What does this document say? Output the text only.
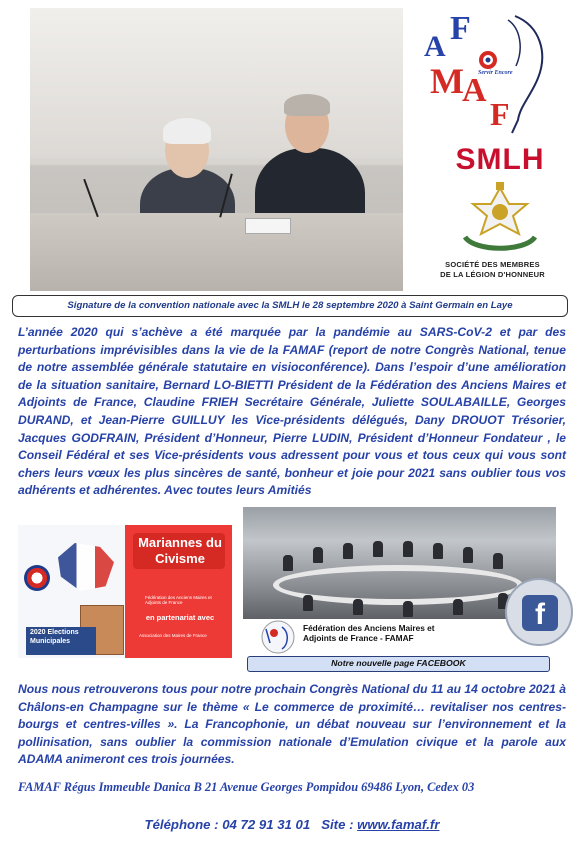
F
A
M
A
F
Servir Encore
SMLH
SOCIÉTÉ DES MEMBRES
DE LA LÉGION D'HONNEUR
Signature de la convention nationale avec la SMLH le 28 septembre 2020 à Saint Germain en Laye
L’année 2020 qui s’achève a été marquée par la pandémie au SARS-CoV-2 et par des perturbations imprévisibles dans la vie de la FAMAF (report de notre Congrès National, tenue de notre assemblée générale statutaire en visioconférence). Dans l’espoir d’une amélioration de la situation sanitaire, Bernard LO-BIETTI Président de la Fédération des Anciens Maires et Adjoints de France, Claudine FRIEH Secrétaire Générale, Juliette SOULABAILLE, Georges DURAND, et Jean-Pierre GUILLUY les Vice-présidents délégués, Dany DROUOT Trésorier, Jacques GODFRAIN, Président d’Honneur, Pierre LUDIN, Président d’Honneur Fondateur , le Conseil Fédéral et ses Vice-présidents vous adressent pour vous et tous ceux qui vous sont chers leurs vœux les plus sincères de santé, bonheur et joie pour 2021 sans oublier tous vos adhérents et adhérentes. Avec toutes leurs Amitiés
2020 Elections Municipales
Mariannes du Civisme
Fédération des Anciens Maires et Adjoints de France
en partenariat avec
Association des Maires de France
f
Fédération des Anciens Maires et Adjoints de France - FAMAF
Notre nouvelle page FACEBOOK
Nous nous retrouverons tous pour notre prochain Congrès National du 11 au 14 octobre 2021 à Châlons-en Champagne sur le thème « Le commerce de proximité… revitaliser nos centres-bourgs et centres-villes ». La Francophonie, un débat nouveau sur l’environnement et la pollinisation, sans oublier la commission nationale d’Emulation civique et la parole aux ADAMA animeront ces trois journées.
FAMAF Régus Immeuble Danica B 21 Avenue Georges Pompidou 69486 Lyon, Cedex 03
Téléphone : 04 72 91 31 01 Site : www.famaf.fr
